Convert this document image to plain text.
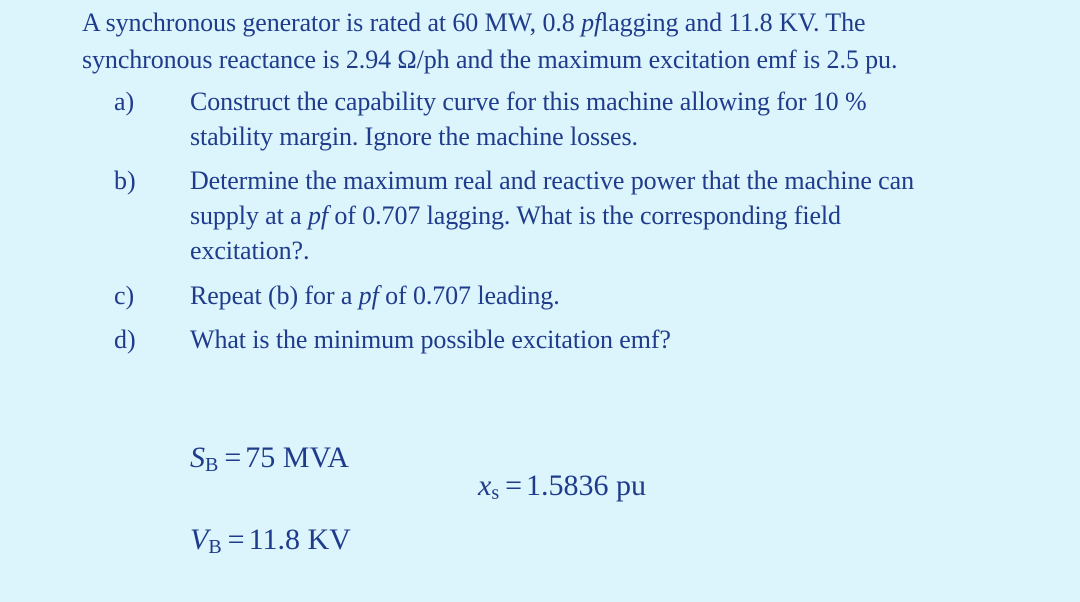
A synchronous generator is rated at 60 MW, 0.8 pflagging and 11.8 KV. The
synchronous reactance is 2.94 Ω/ph and the maximum excitation emf is 2.5 pu.
a) Construct the capability curve for this machine allowing for 10 %
stability margin. Ignore the machine losses.
b) Determine the maximum real and reactive power that the machine can
supply at a pf of 0.707 lagging. What is the corresponding field
excitation?.
c) Repeat (b) for a pf of 0.707 leading.
d) What is the minimum possible excitation emf?
$S_B = 75$ MVA
$x_s = 1.5836$ pu
$V_B = 11.8$ KV
